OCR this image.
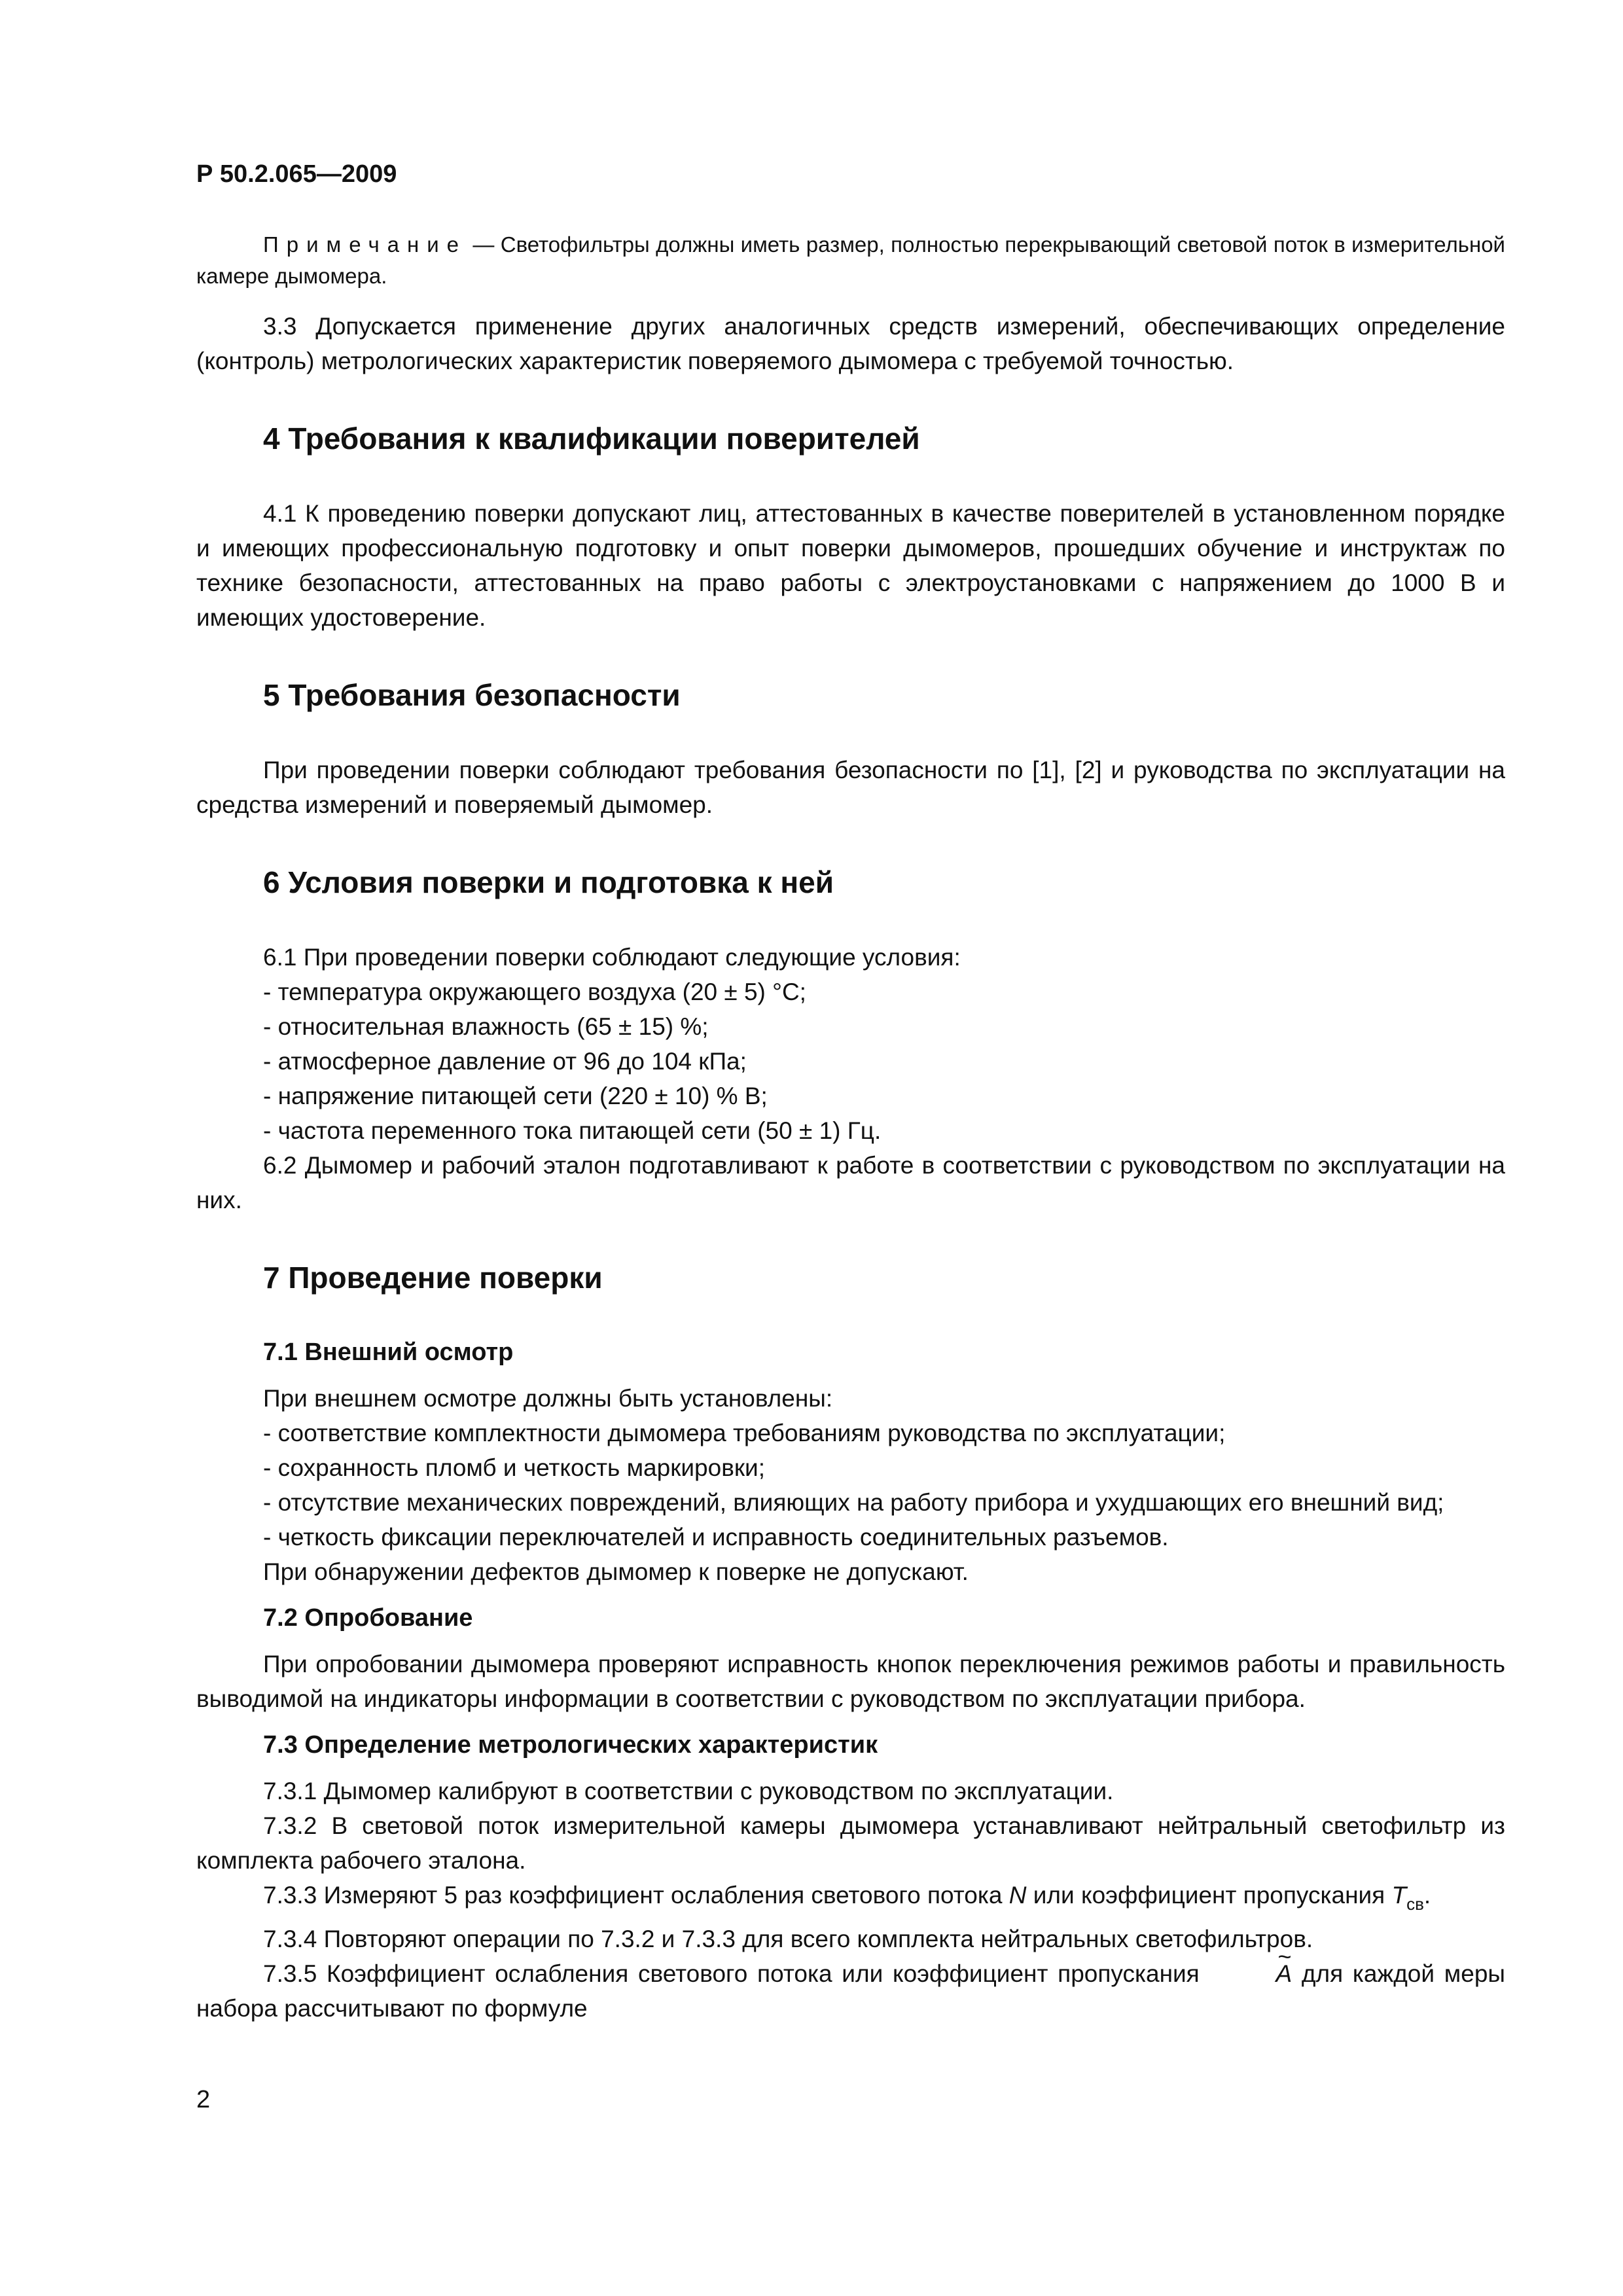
Р 50.2.065—2009

Примечание — Светофильтры должны иметь размер, полностью перекрывающий световой поток в измерительной камере дымомера.

3.3 Допускается применение других аналогичных средств измерений, обеспечивающих определение (контроль) метрологических характеристик поверяемого дымомера с требуемой точностью.

4 Требования к квалификации поверителей

4.1 К проведению поверки допускают лиц, аттестованных в качестве поверителей в установленном порядке и имеющих профессиональную подготовку и опыт поверки дымомеров, прошедших обучение и инструктаж по технике безопасности, аттестованных на право работы с электроустановками с напряжением до 1000 В и имеющих удостоверение.

5 Требования безопасности

При проведении поверки соблюдают требования безопасности по [1], [2] и руководства по эксплуатации на средства измерений и поверяемый дымомер.

6 Условия поверки и подготовка к ней

6.1 При проведении поверки соблюдают следующие условия:

- температура окружающего воздуха (20 ± 5) °С;

- относительная влажность (65 ± 15) %;

- атмосферное давление от 96 до 104 кПа;

- напряжение питающей сети (220 ± 10) % В;

- частота переменного тока питающей сети (50 ± 1) Гц.

6.2 Дымомер и рабочий эталон подготавливают к работе в соответствии с руководством по эксплуатации на них.

7 Проведение поверки
7.1 Внешний осмотр

При внешнем осмотре должны быть установлены:

- соответствие комплектности дымомера требованиям руководства по эксплуатации;

- сохранность пломб и четкость маркировки;

- отсутствие механических повреждений, влияющих на работу прибора и ухудшающих его внешний вид;

- четкость фиксации переключателей и исправность соединительных разъемов.

При обнаружении дефектов дымомер к поверке не допускают.

7.2 Опробование

При опробовании дымомера проверяют исправность кнопок переключения режимов работы и правильность выводимой на индикаторы информации в соответствии с руководством по эксплуатации прибора.

7.3 Определение метрологических характеристик

7.3.1 Дымомер калибруют в соответствии с руководством по эксплуатации.

7.3.2 В световой поток измерительной камеры дымомера устанавливают нейтральный светофильтр из комплекта рабочего эталона.

7.3.3 Измеряют 5 раз коэффициент ослабления светового потока N или коэффициент пропускания $Т_{св}$.

7.3.4 Повторяют операции по 7.3.2 и 7.3.3 для всего комплекта нейтральных светофильтров.

7.3.5 Коэффициент ослабления светового потока или коэффициент пропускания ~	А для каждой меры набора рассчитывают по формуле

2
